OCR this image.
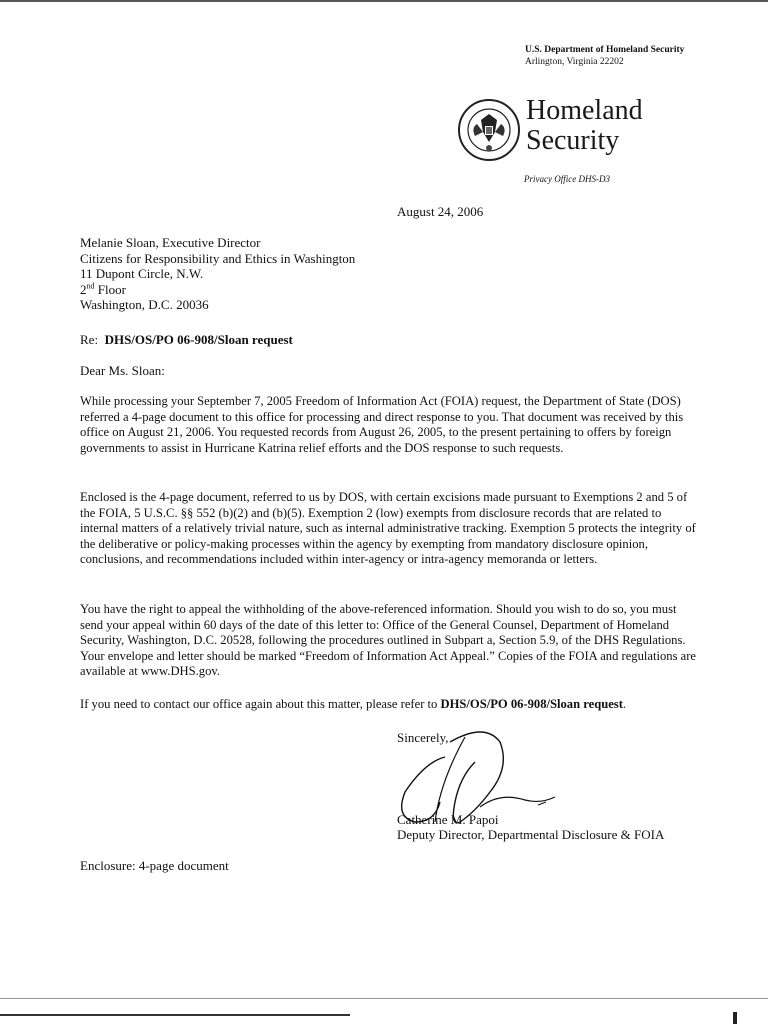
U.S. Department of Homeland Security
Arlington, Virginia 22202
Homeland
Security
Privacy Office DHS-D3
August 24, 2006
Melanie Sloan, Executive Director
Citizens for Responsibility and Ethics in Washington
11 Dupont Circle, N.W.
2nd Floor
Washington, D.C. 20036
Re: DHS/OS/PO 06-908/Sloan request
Dear Ms. Sloan:
While processing your September 7, 2005 Freedom of Information Act (FOIA) request, the Department of State (DOS) referred a 4-page document to this office for processing and direct response to you. That document was received by this office on August 21, 2006. You requested records from August 26, 2005, to the present pertaining to offers by foreign governments to assist in Hurricane Katrina relief efforts and the DOS response to such requests.
Enclosed is the 4-page document, referred to us by DOS, with certain excisions made pursuant to Exemptions 2 and 5 of the FOIA, 5 U.S.C. §§ 552 (b)(2) and (b)(5). Exemption 2 (low) exempts from disclosure records that are related to internal matters of a relatively trivial nature, such as internal administrative tracking. Exemption 5 protects the integrity of the deliberative or policy-making processes within the agency by exempting from mandatory disclosure opinion, conclusions, and recommendations included within inter-agency or intra-agency memoranda or letters.
You have the right to appeal the withholding of the above-referenced information. Should you wish to do so, you must send your appeal within 60 days of the date of this letter to: Office of the General Counsel, Department of Homeland Security, Washington, D.C. 20528, following the procedures outlined in Subpart a, Section 5.9, of the DHS Regulations. Your envelope and letter should be marked “Freedom of Information Act Appeal.” Copies of the FOIA and regulations are available at www.DHS.gov.
If you need to contact our office again about this matter, please refer to DHS/OS/PO 06-908/Sloan request.
Sincerely,
Catherine M. Papoi
Deputy Director, Departmental Disclosure & FOIA
Enclosure: 4-page document
